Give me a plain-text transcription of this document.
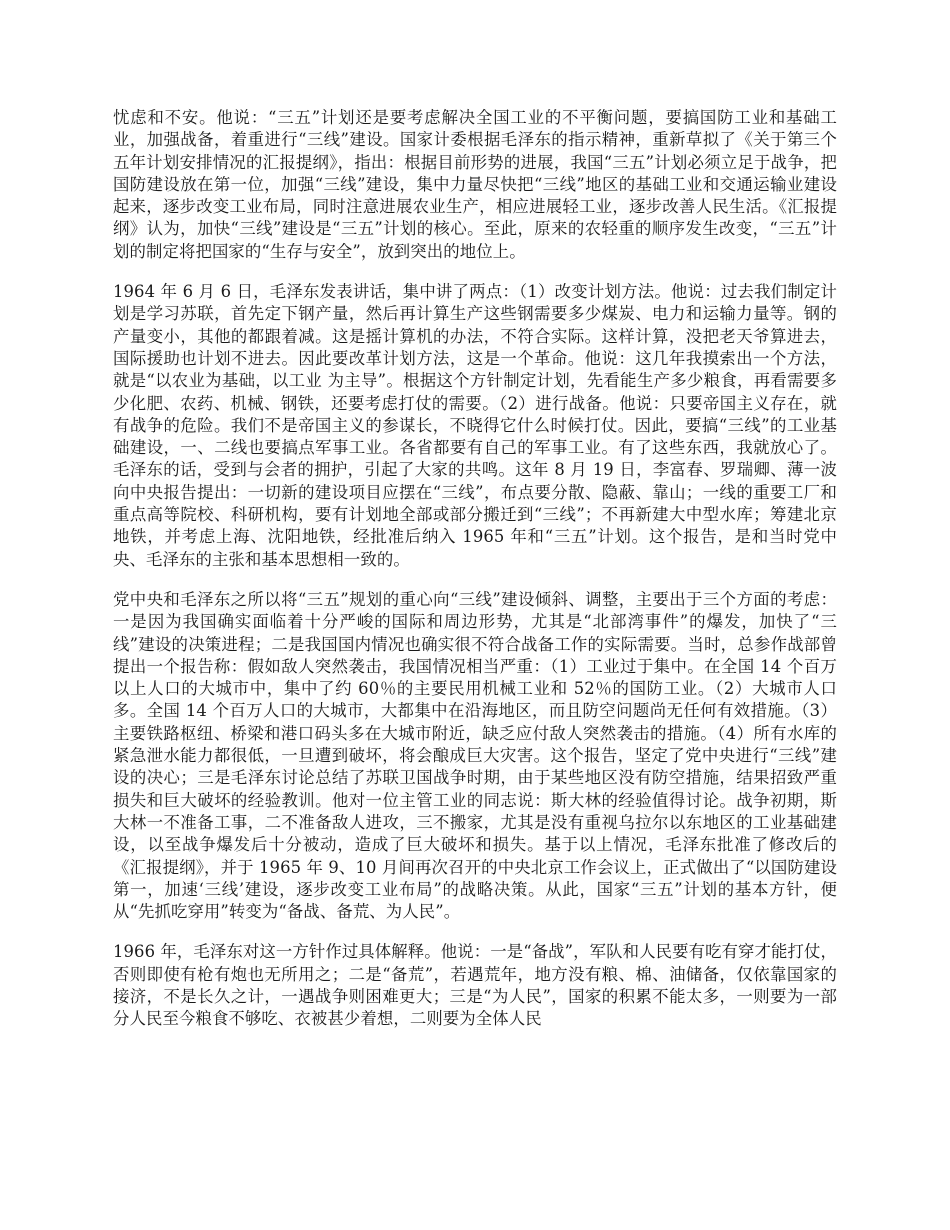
忧虑和不安。他说：“三五”计划还是要考虑解决全国工业的不平衡问题，要搞国防工业和基础工业，加强战备，着重进行“三线”建设。国家计委根据毛泽东的指示精神，重新草拟了《关于第三个五年计划安排情况的汇报提纲》，指出：根据目前形势的进展，我国“三五”计划必须立足于战争，把国防建设放在第一位，加强“三线”建设，集中力量尽快把“三线”地区的基础工业和交通运输业建设起来，逐步改变工业布局，同时注意进展农业生产，相应进展轻工业，逐步改善人民生活。《汇报提纲》认为，加快“三线”建设是“三五”计划的核心。至此，原来的农轻重的顺序发生改变，“三五”计划的制定将把国家的“生存与安全”，放到突出的地位上。

1964 年 6 月 6 日，毛泽东发表讲话，集中讲了两点：（1）改变计划方法。他说：过去我们制定计划是学习苏联，首先定下钢产量，然后再计算生产这些钢需要多少煤炭、电力和运输力量等。钢的产量变小，其他的都跟着减。这是摇计算机的办法，不符合实际。这样计算，没把老天爷算进去，国际援助也计划不进去。因此要改革计划方法，这是一个革命。他说：这几年我摸索出一个方法，就是“以农业为基础，以工业 为主导”。根据这个方针制定计划，先看能生产多少粮食，再看需要多少化肥、农药、机械、钢铁，还要考虑打仗的需要。（2）进行战备。他说：只要帝国主义存在，就有战争的危险。我们不是帝国主义的参谋长，不晓得它什么时候打仗。因此，要搞“三线”的工业基础建设，一、二线也要搞点军事工业。各省都要有自己的军事工业。有了这些东西，我就放心了。毛泽东的话，受到与会者的拥护，引起了大家的共鸣。这年 8 月 19 日，李富春、罗瑞卿、薄一波向中央报告提出：一切新的建设项目应摆在“三线”，布点要分散、隐蔽、靠山；一线的重要工厂和重点高等院校、科研机构，要有计划地全部或部分搬迁到“三线”；不再新建大中型水库；筹建北京地铁，并考虑上海、沈阳地铁，经批准后纳入 1965 年和“三五”计划。这个报告，是和当时党中央、毛泽东的主张和基本思想相一致的。

党中央和毛泽东之所以将“三五”规划的重心向“三线”建设倾斜、调整，主要出于三个方面的考虑：一是因为我国确实面临着十分严峻的国际和周边形势，尤其是“北部湾事件”的爆发，加快了“三线”建设的决策进程；二是我国国内情况也确实很不符合战备工作的实际需要。当时，总参作战部曾提出一个报告称：假如敌人突然袭击，我国情况相当严重：（1）工业过于集中。在全国 14 个百万以上人口的大城市中，集中了约 60％的主要民用机械工业和 52％的国防工业。（2）大城市人口多。全国 14 个百万人口的大城市，大都集中在沿海地区，而且防空问题尚无任何有效措施。（3）主要铁路枢纽、桥梁和港口码头多在大城市附近，缺乏应付敌人突然袭击的措施。（4）所有水库的紧急泄水能力都很低，一旦遭到破坏，将会酿成巨大灾害。这个报告，坚定了党中央进行“三线”建设的决心；三是毛泽东讨论总结了苏联卫国战争时期，由于某些地区没有防空措施，结果招致严重损失和巨大破坏的经验教训。他对一位主管工业的同志说：斯大林的经验值得讨论。战争初期，斯大林一不准备工事，二不准备敌人进攻，三不搬家，尤其是没有重视乌拉尔以东地区的工业基础建设，以至战争爆发后十分被动，造成了巨大破坏和损失。基于以上情况，毛泽东批准了修改后的《汇报提纲》，并于 1965 年 9、10 月间再次召开的中央北京工作会议上，正式做出了“以国防建设第一，加速‘三线’建设，逐步改变工业布局”的战略决策。从此，国家“三五”计划的基本方针，便从“先抓吃穿用”转变为“备战、备荒、为人民”。

1966 年，毛泽东对这一方针作过具体解释。他说：一是“备战”，军队和人民要有吃有穿才能打仗，否则即使有枪有炮也无所用之；二是“备荒”，若遇荒年，地方没有粮、棉、油储备，仅依靠国家的接济，不是长久之计，一遇战争则困难更大；三是“为人民”，国家的积累不能太多，一则要为一部分人民至今粮食不够吃、衣被甚少着想，二则要为全体人民
